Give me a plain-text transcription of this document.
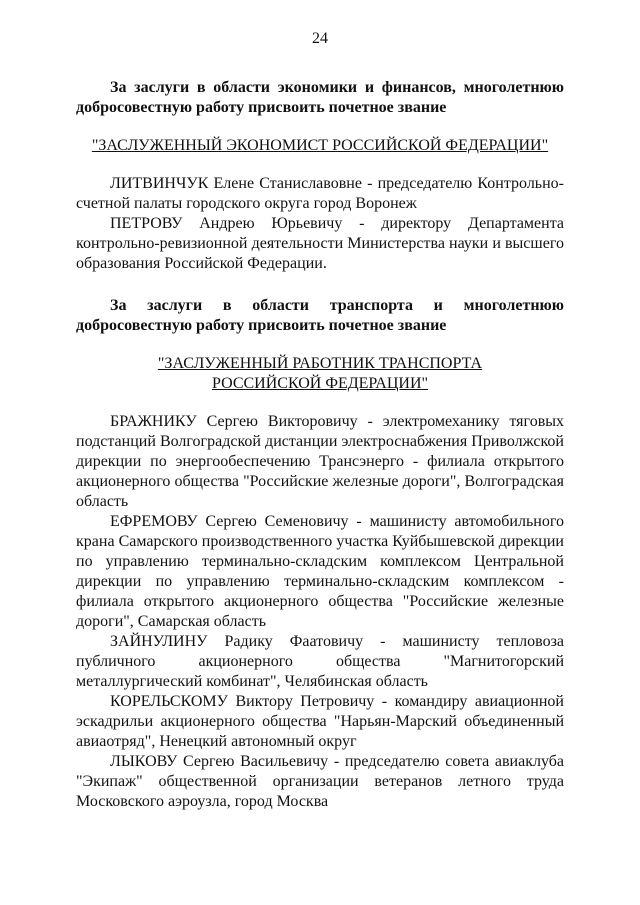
24
За заслуги в области экономики и финансов, многолетнюю добросовестную работу присвоить почетное звание
"ЗАСЛУЖЕННЫЙ ЭКОНОМИСТ РОССИЙСКОЙ ФЕДЕРАЦИИ"
ЛИТВИНЧУК Елене Станиславовне - председателю Контрольно-счетной палаты городского округа город Воронеж
ПЕТРОВУ Андрею Юрьевичу - директору Департамента контрольно-ревизионной деятельности Министерства науки и высшего образования Российской Федерации.
За заслуги в области транспорта и многолетнюю добросовестную работу присвоить почетное звание
"ЗАСЛУЖЕННЫЙ РАБОТНИК ТРАНСПОРТА
РОССИЙСКОЙ ФЕДЕРАЦИИ"
БРАЖНИКУ Сергею Викторовичу - электромеханику тяговых подстанций Волгоградской дистанции электроснабжения Приволжской дирекции по энергообеспечению Трансэнерго - филиала открытого акционерного общества "Российские железные дороги", Волгоградская область
ЕФРЕМОВУ Сергею Семеновичу - машинисту автомобильного крана Самарского производственного участка Куйбышевской дирекции по управлению терминально-складским комплексом Центральной дирекции по управлению терминально-складским комплексом - филиала открытого акционерного общества "Российские железные дороги", Самарская область
ЗАЙНУЛИНУ Радику Фаатовичу - машинисту тепловоза публичного акционерного общества "Магнитогорский металлургический комбинат", Челябинская область
КОРЕЛЬСКОМУ Виктору Петровичу - командиру авиационной эскадрильи акционерного общества "Нарьян-Марский объединенный авиаотряд", Ненецкий автономный округ
ЛЫКОВУ Сергею Васильевичу - председателю совета авиаклуба "Экипаж" общественной организации ветеранов летного труда Московского аэроузла, город Москва
